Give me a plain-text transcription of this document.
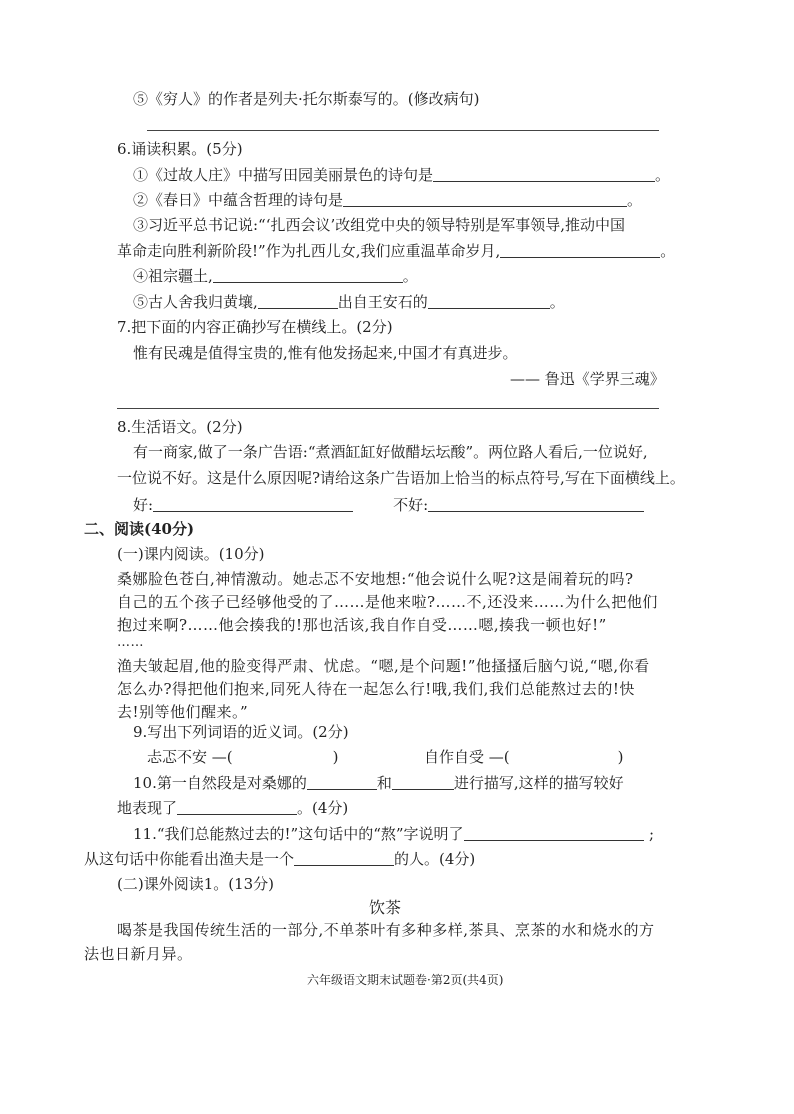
⑤《穷人》的作者是列夫·托尔斯泰写的。(修改病句)
6.诵读积累。(5分)
①《过故人庄》中描写田园美丽景色的诗句是	。
②《春日》中蕴含哲理的诗句是	。
③习近平总书记说:“‘扎西会议’改组党中央的领导特别是军事领导,推动中国
革命走向胜利新阶段!”作为扎西儿女,我们应重温革命岁月,	。
④祖宗疆土,	。
⑤古人舍我归黄壤,	出自王安石的	。
7.把下面的内容正确抄写在横线上。(2分)
惟有民魂是值得宝贵的,惟有他发扬起来,中国才有真进步。
—— 鲁迅《学界三魂》
8.生活语文。(2分)
有一商家,做了一条广告语:“煮酒缸缸好做醋坛坛酸”。两位路人看后,一位说好,
一位说不好。这是什么原因呢?请给这条广告语加上恰当的标点符号,写在下面横线上。
好:	不好:
二、阅读(40分)
(一)课内阅读。(10分)
桑娜脸色苍白,神情激动。她忐忑不安地想:“他会说什么呢?这是闹着玩的吗?
自己的五个孩子已经够他受的了……是他来啦?……不,还没来……为什么把他们
抱过来啊?……他会揍我的!那也活该,我自作自受……嗯,揍我一顿也好!”
……
渔夫皱起眉,他的脸变得严肃、忧虑。“嗯,是个问题!”他搔搔后脑勺说,“嗯,你看
怎么办?得把他们抱来,同死人待在一起怎么行!哦,我们,我们总能熬过去的!快
去!别等他们醒来。”
9.写出下列词语的近义词。(2分)
忐忑不安 —(	)	自作自受 —(	)
10.第一自然段是对桑娜的	和	进行描写,这样的描写较好
地表现了	。(4分)
11.“我们总能熬过去的!”这句话中的“熬”字说明了	;
从这句话中你能看出渔夫是一个	的人。(4分)
(二)课外阅读1。(13分)
饮茶
喝茶是我国传统生活的一部分,不单茶叶有多种多样,茶具、烹茶的水和烧水的方
法也日新月异。
六年级语文期末试题卷·第2页(共4页)
